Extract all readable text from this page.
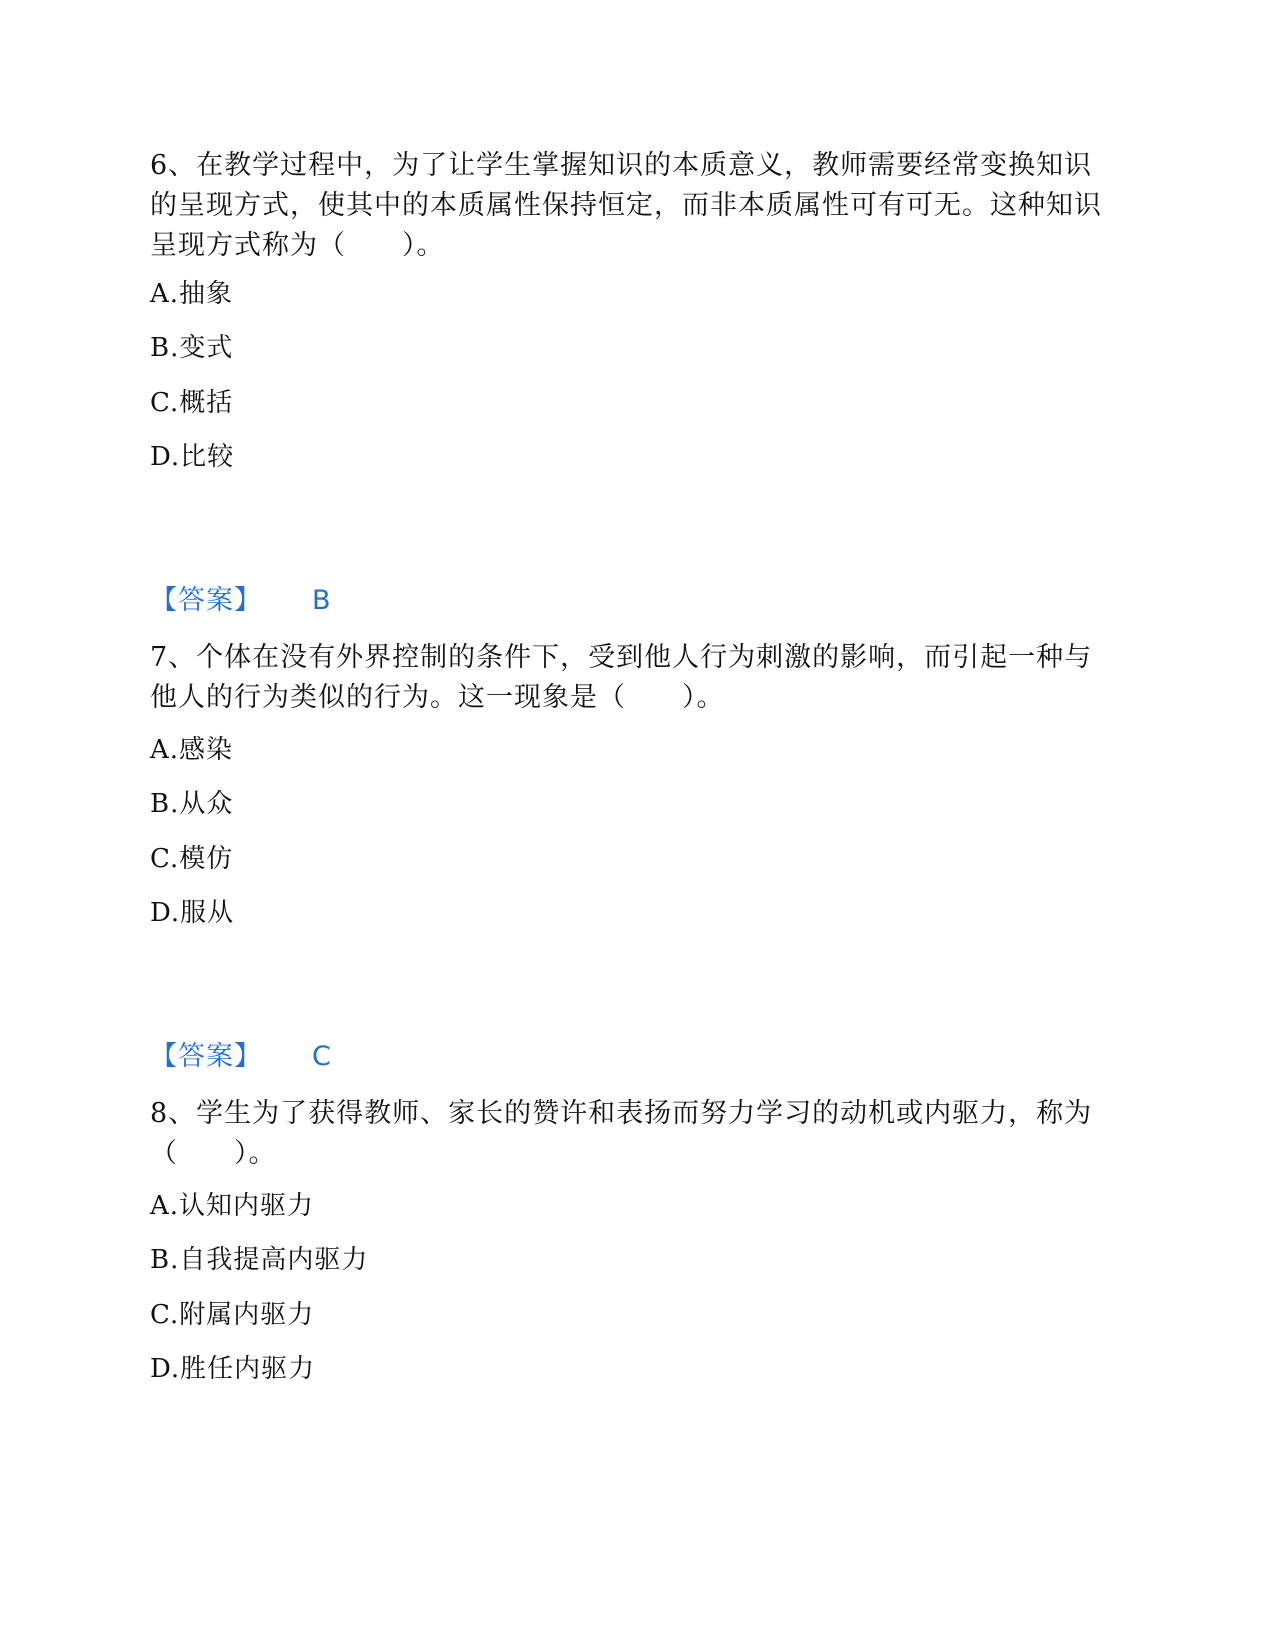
6、在教学过程中，为了让学生掌握知识的本质意义，教师需要经常变换知识的呈现方式，使其中的本质属性保持恒定，而非本质属性可有可无。这种知识呈现方式称为（　　）。

A.抽象

B.变式

C.概括

D.比较

【答案】 B

7、个体在没有外界控制的条件下，受到他人行为刺激的影响，而引起一种与他人的行为类似的行为。这一现象是（　　）。

A.感染

B.从众

C.模仿

D.服从

【答案】 C

8、学生为了获得教师、家长的赞许和表扬而努力学习的动机或内驱力，称为（　　）。

A.认知内驱力

B.自我提高内驱力

C.附属内驱力

D.胜任内驱力
